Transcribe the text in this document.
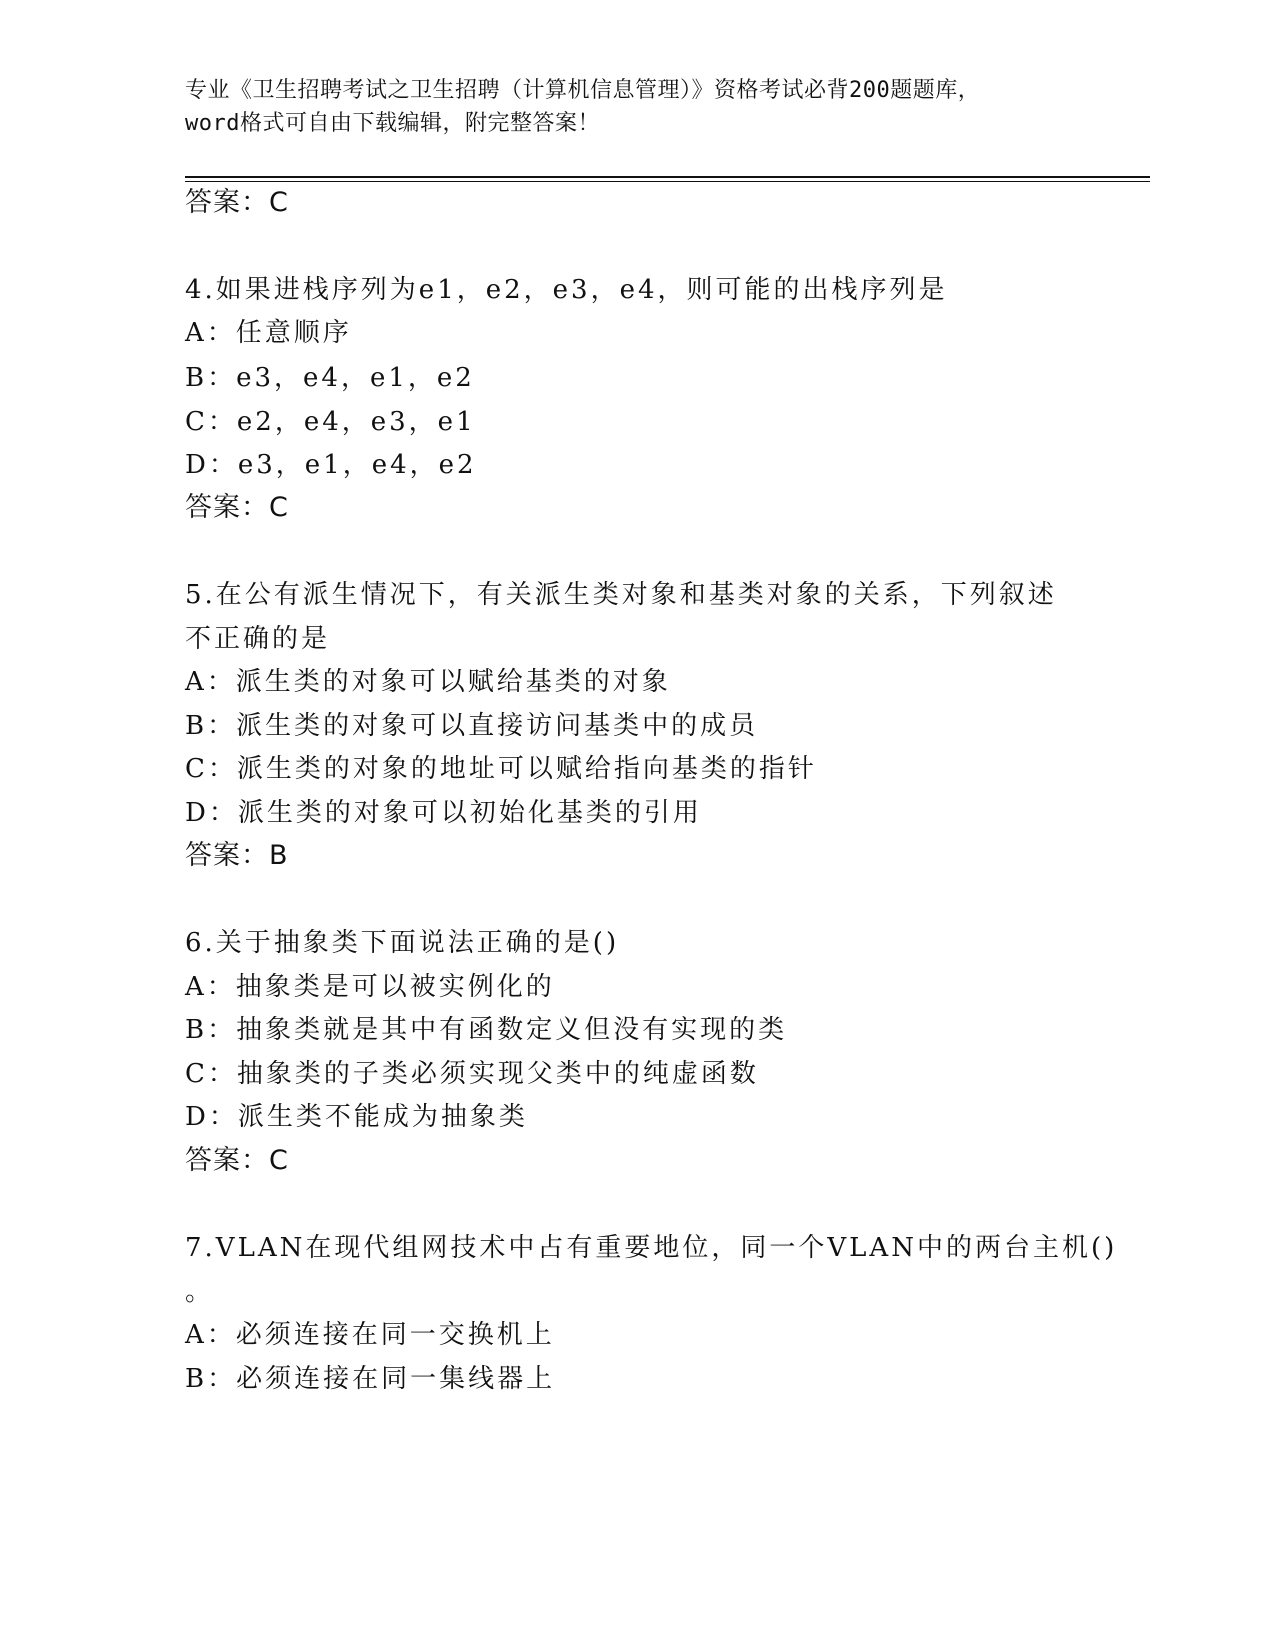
专业《卫生招聘考试之卫生招聘（计算机信息管理）》资格考试必背200题题库，
word格式可自由下载编辑，附完整答案！
答案：C
4.如果进栈序列为e1，e2，e3，e4，则可能的出栈序列是
A：任意顺序
B：e3，e4，e1，e2
C：e2，e4，e3，e1
D：e3，e1，e4，e2
答案：C
5.在公有派生情况下，有关派生类对象和基类对象的关系，下列叙述
不正确的是
A：派生类的对象可以赋给基类的对象
B：派生类的对象可以直接访问基类中的成员
C：派生类的对象的地址可以赋给指向基类的指针
D：派生类的对象可以初始化基类的引用
答案：B
6.关于抽象类下面说法正确的是()
A：抽象类是可以被实例化的
B：抽象类就是其中有函数定义但没有实现的类
C：抽象类的子类必须实现父类中的纯虚函数
D：派生类不能成为抽象类
答案：C
7.VLAN在现代组网技术中占有重要地位，同一个VLAN中的两台主机()
。
A：必须连接在同一交换机上
B：必须连接在同一集线器上
